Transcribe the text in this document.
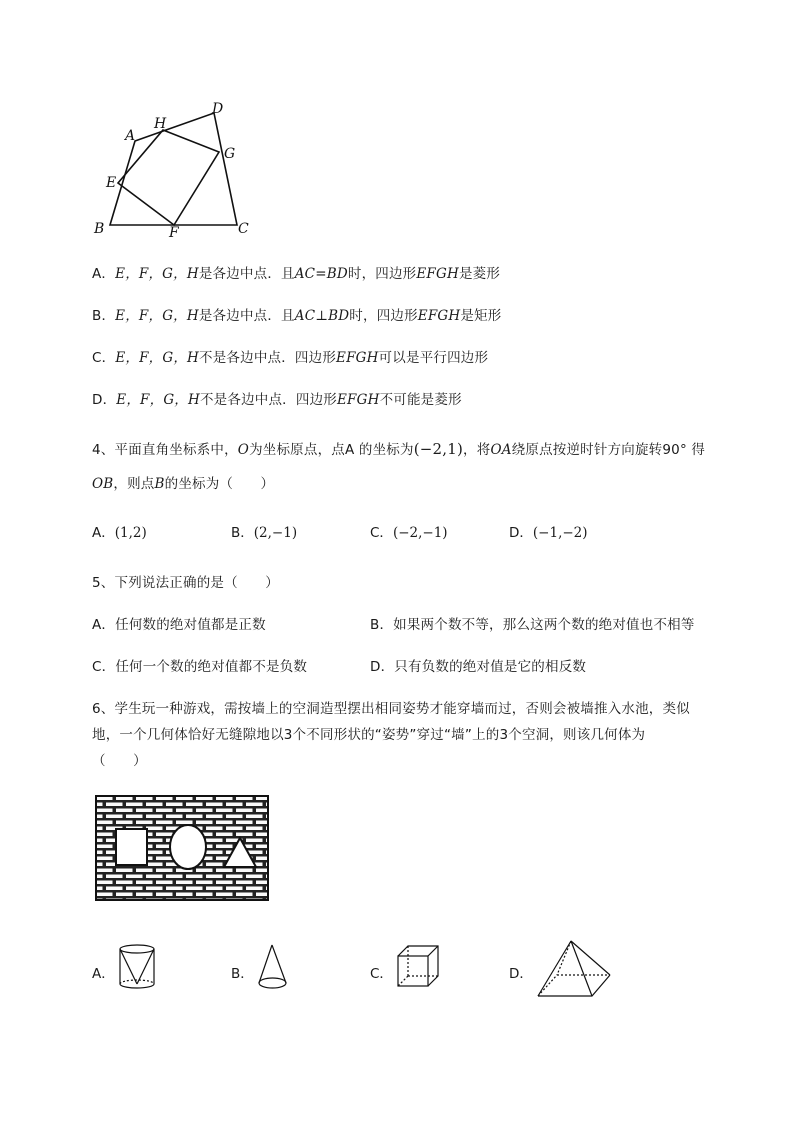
A
H
D
G
E
B	F	C
A．E，F，G，H是各边中点．且AC=BD时，四边形EFGH是菱形
B．E，F，G，H是各边中点．且AC⊥BD时，四边形EFGH是矩形
C．E，F，G，H不是各边中点．四边形EFGH可以是平行四边形
D．E，F，G，H不是各边中点．四边形EFGH不可能是菱形
4、平面直角坐标系中，O为坐标原点，点A 的坐标为(−2,1)，将OA绕原点按逆时针方向旋转90° 得
OB，则点B的坐标为（　　）
A．(1,2)	B．(2,−1)	C．(−2,−1)	D．(−1,−2)
5、下列说法正确的是（　　）
A．任何数的绝对值都是正数	B．如果两个数不等，那么这两个数的绝对值也不相等
C．任何一个数的绝对值都不是负数	D．只有负数的绝对值是它的相反数
6、学生玩一种游戏，需按墙上的空洞造型摆出相同姿势才能穿墙而过，否则会被墙推入水池，类似
地，一个几何体恰好无缝隙地以3个不同形状的“姿势”穿过“墙”上的3个空洞，则该几何体为
（　　）
A．	B．	C．	D．
